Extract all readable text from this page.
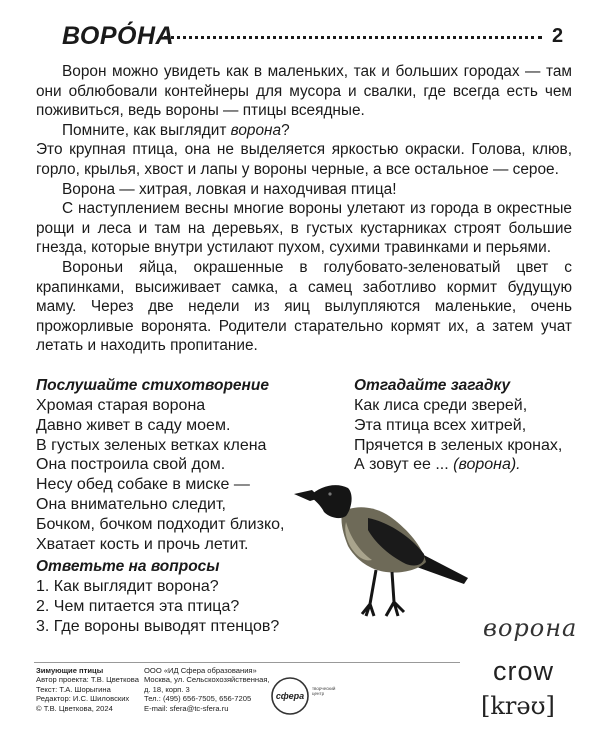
ВОРО́НА	2

Ворон можно увидеть как в маленьких, так и больших городах — там они облюбовали контейнеры для мусора и свалки, где всегда есть чем поживиться, ведь вороны — птицы всеядные.

Помните, как выглядит ворона?

Это крупная птица, она не выделяется яркостью окраски. Голова, клюв, горло, крылья, хвост и лапы у вороны черные, а все остальное — серое.

Ворона — хитрая, ловкая и находчивая птица!

С наступлением весны многие вороны улетают из города в окрестные рощи и леса и там на деревьях, в густых кустарниках строят большие гнезда, которые внутри устилают пухом, сухими травинками и перьями.

Вороньи яйца, окрашенные в голубовато-зеленоватый цвет с крапинками, высиживает самка, а самец заботливо кормит будущую маму. Через две недели из яиц вылупляются маленькие, очень прожорливые воронята. Родители старательно кормят их, а затем учат летать и находить пропитание.

Послушайте стихотворение
Хромая старая ворона
Давно живет в саду моем.
В густых зеленых ветках клена
Она построила свой дом.
Несу обед собаке в миске —
Она внимательно следит,
Бочком, бочком подходит близко,
Хватает кость и прочь летит.
Отгадайте загадку
Как лиса среди зверей,
Эта птица всех хитрей,
Прячется в зеленых кронах,
А зовут ее ... (ворона).
Ответьте на вопросы
1. Как выглядит ворона?
2. Чем питается эта птица?
3. Где вороны выводят птенцов?	ворона
crow
[krəʊ]
Зимующие птицы
Автор проекта: Т.В. Цветкова
Текст: Т.А. Шорыгина
Редактор: И.С. Шиловских
© Т.В. Цветкова, 2024
ООО «ИД Сфера образования»
Москва, ул. Сельскохозяйственная,
д. 18, корп. 3
Тел.: (495) 656-7505, 656-7205
E-mail: sfera@tc-sfera.ru
сфера
творческий центр
